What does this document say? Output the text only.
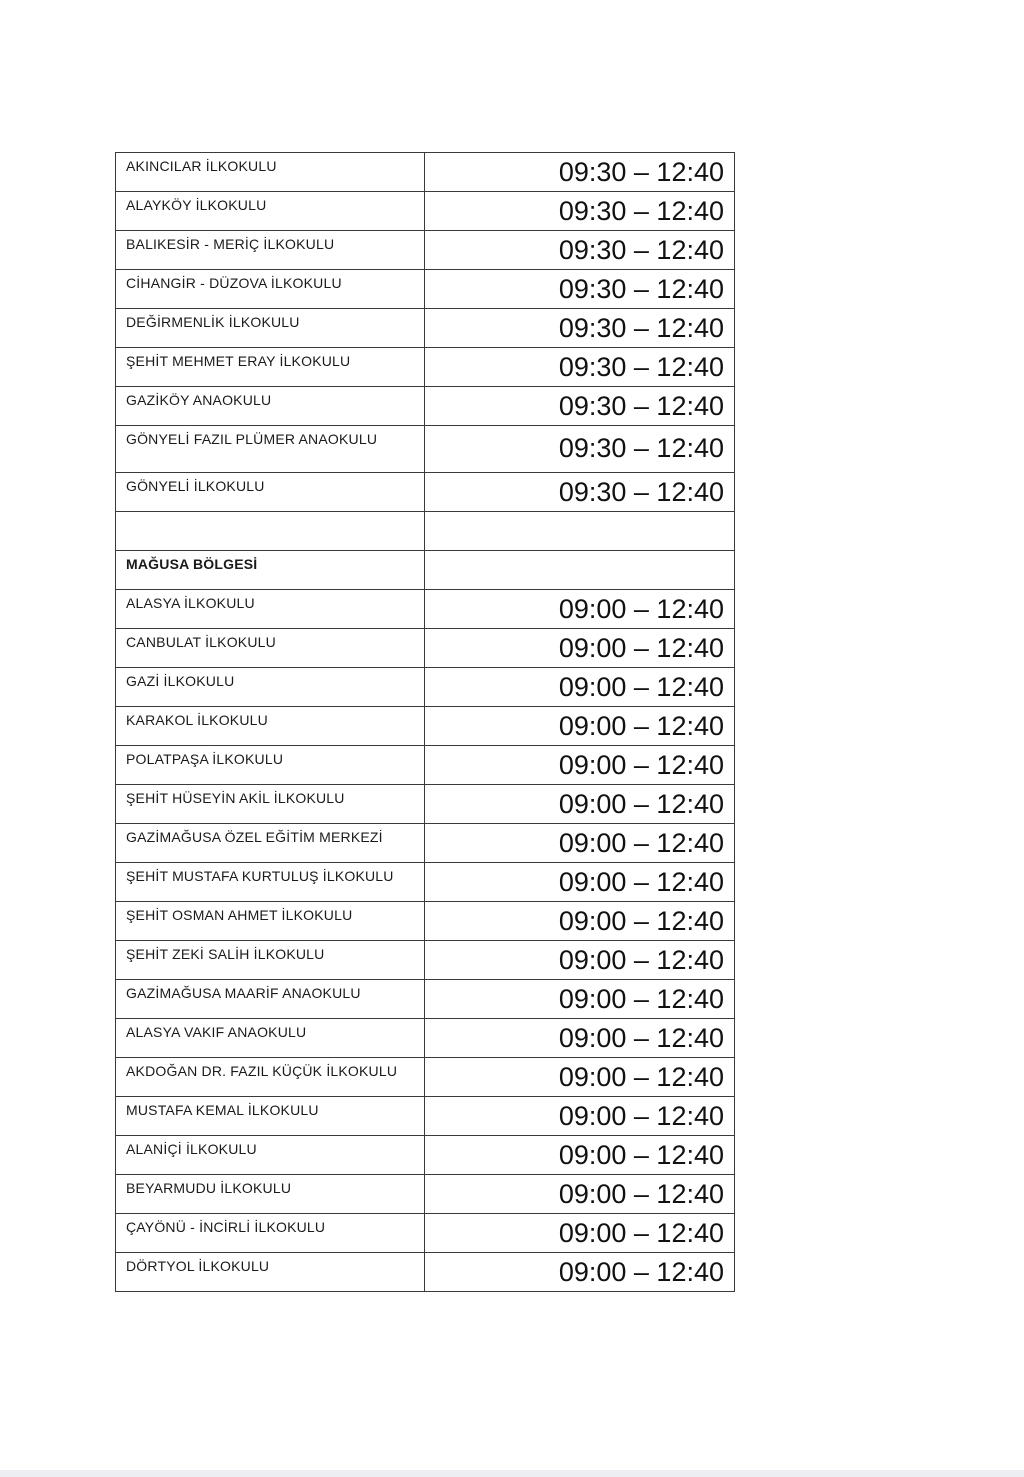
AKINCILAR İLKOKULU	09:30 – 12:40

ALAYKÖY İLKOKULU	09:30 – 12:40

BALIKESİR - MERİÇ İLKOKULU	09:30 – 12:40

CİHANGİR - DÜZOVA İLKOKULU	09:30 – 12:40

DEĞİRMENLİK İLKOKULU	09:30 – 12:40

ŞEHİT MEHMET ERAY İLKOKULU	09:30 – 12:40

GAZİKÖY ANAOKULU	09:30 – 12:40

GÖNYELİ FAZIL PLÜMER ANAOKULU	09:30 – 12:40

GÖNYELİ İLKOKULU	09:30 – 12:40

MAĞUSA BÖLGESİ	

ALASYA İLKOKULU	09:00 – 12:40

CANBULAT İLKOKULU	09:00 – 12:40

GAZİ İLKOKULU	09:00 – 12:40

KARAKOL İLKOKULU	09:00 – 12:40

POLATPAŞA İLKOKULU	09:00 – 12:40

ŞEHİT HÜSEYİN AKİL İLKOKULU	09:00 – 12:40

GAZİMAĞUSA ÖZEL EĞİTİM MERKEZİ	09:00 – 12:40

ŞEHİT MUSTAFA KURTULUŞ İLKOKULU	09:00 – 12:40

ŞEHİT OSMAN AHMET İLKOKULU	09:00 – 12:40

ŞEHİT ZEKİ SALİH İLKOKULU	09:00 – 12:40

GAZİMAĞUSA MAARİF ANAOKULU	09:00 – 12:40

ALASYA VAKIF ANAOKULU	09:00 – 12:40

AKDOĞAN DR. FAZIL KÜÇÜK İLKOKULU	09:00 – 12:40

MUSTAFA KEMAL İLKOKULU	09:00 – 12:40

ALANİÇİ İLKOKULU	09:00 – 12:40

BEYARMUDU İLKOKULU	09:00 – 12:40

ÇAYÖNÜ - İNCİRLİ İLKOKULU	09:00 – 12:40

DÖRTYOL İLKOKULU	09:00 – 12:40
